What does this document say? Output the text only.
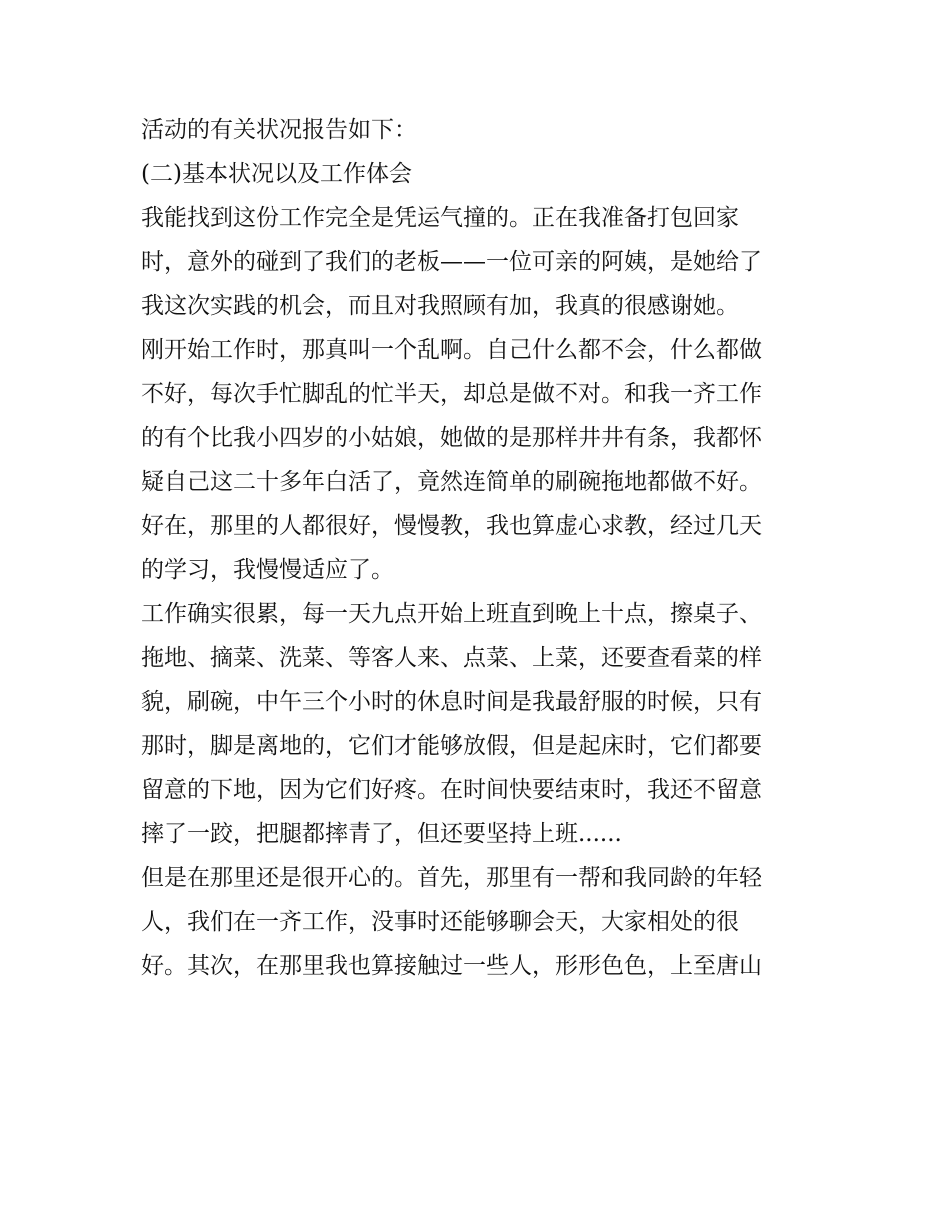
活动的有关状况报告如下：

(二)基本状况以及工作体会

我能找到这份工作完全是凭运气撞的。正在我准备打包回家

时，意外的碰到了我们的老板——一位可亲的阿姨，是她给了

我这次实践的机会，而且对我照顾有加，我真的很感谢她。

刚开始工作时，那真叫一个乱啊。自己什么都不会，什么都做

不好，每次手忙脚乱的忙半天，却总是做不对。和我一齐工作

的有个比我小四岁的小姑娘，她做的是那样井井有条，我都怀

疑自己这二十多年白活了，竟然连简单的刷碗拖地都做不好。

好在，那里的人都很好，慢慢教，我也算虚心求教，经过几天

的学习，我慢慢适应了。

工作确实很累，每一天九点开始上班直到晚上十点，擦桌子、

拖地、摘菜、洗菜、等客人来、点菜、上菜，还要查看菜的样

貌，刷碗，中午三个小时的休息时间是我最舒服的时候，只有

那时，脚是离地的，它们才能够放假，但是起床时，它们都要

留意的下地，因为它们好疼。在时间快要结束时，我还不留意

摔了一跤，把腿都摔青了，但还要坚持上班......

但是在那里还是很开心的。首先，那里有一帮和我同龄的年轻

人，我们在一齐工作，没事时还能够聊会天，大家相处的很

好。其次，在那里我也算接触过一些人，形形色色，上至唐山
